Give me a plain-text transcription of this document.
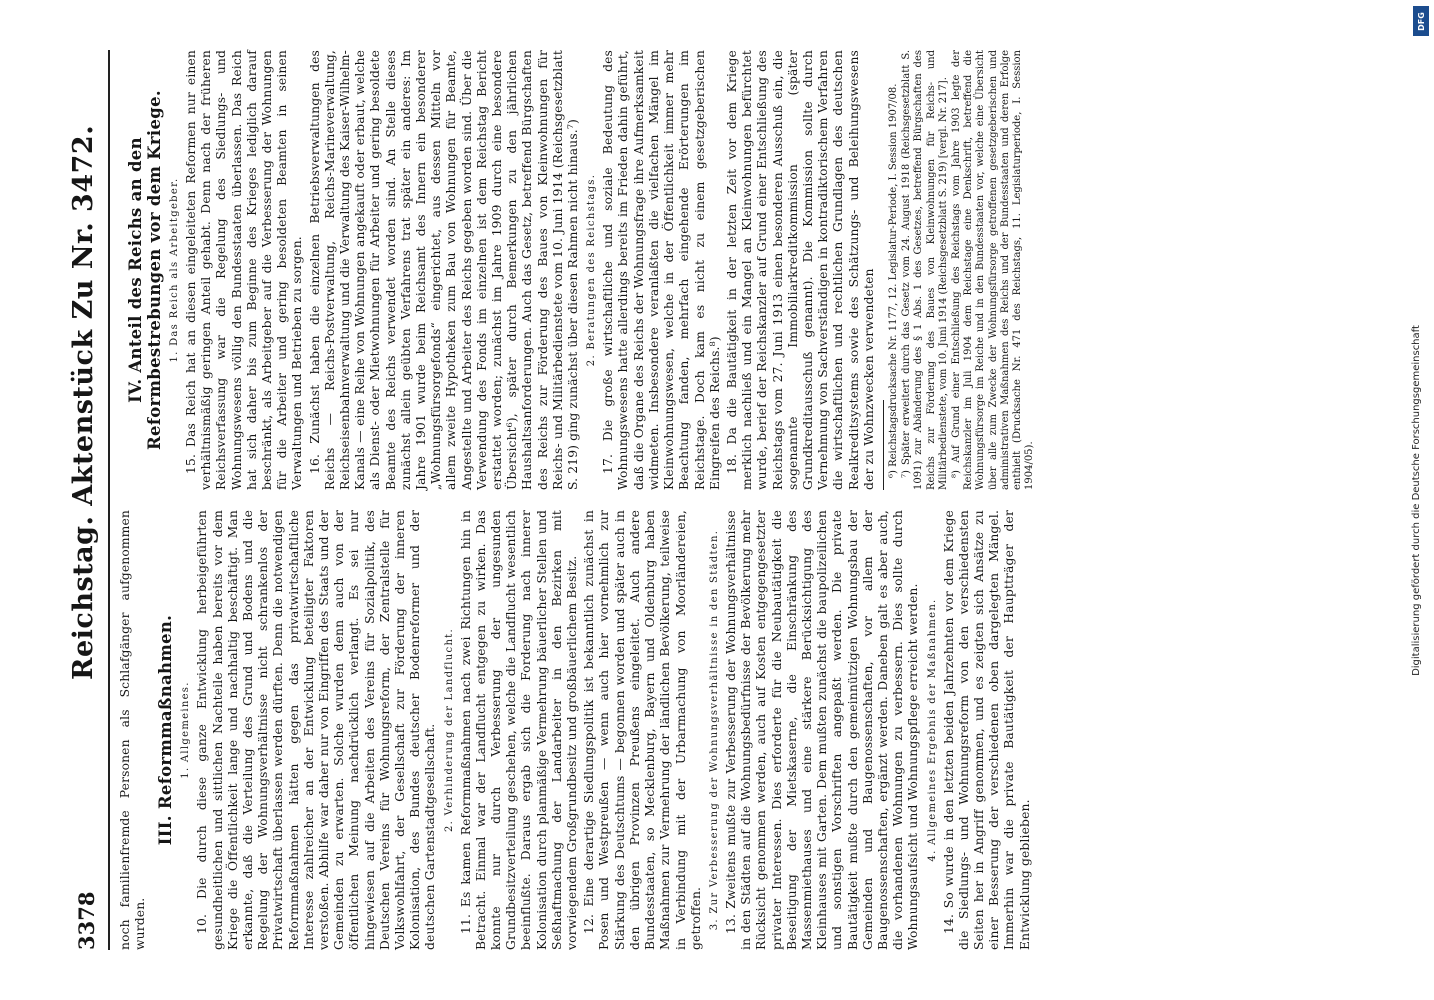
3378
Reichstag. Aktenstück Zu Nr. 3472.

noch familienfremde Personen als Schlafgänger aufgenommen wurden.

III. Reformmaßnahmen. 1. Allgemeines. 10. Die durch diese ganze Entwicklung herbeigeführten gesundheitlichen und sittlichen Nachteile haben bereits vor dem Kriege die Öffentlichkeit lange und nachhaltig beschäftigt. Man erkannte, daß die Verteilung des Grund und Bodens und die Regelung der Wohnungsverhältnisse nicht schrankenlos der Privatwirtschaft überlassen werden dürften. Denn die notwendigen Reformmaßnahmen hätten gegen das privatwirtschaftliche Interesse zahlreicher an der Entwicklung beteiligter Faktoren verstoßen. Abhilfe war daher nur von Eingriffen des Staats und der Gemeinden zu erwarten. Solche wurden denn auch von der öffentlichen Meinung nachdrücklich verlangt. Es sei nur hingewiesen auf die Arbeiten des Vereins für Sozialpolitik, des Deutschen Vereins für Wohnungsreform, der Zentralstelle für Volkswohlfahrt, der Gesellschaft zur Förderung der inneren Kolonisation, des Bundes deutscher Bodenreformer und der deutschen Gartenstadtgesellschaft. 2. Verhinderung der Landflucht. 11. Es kamen Reformmaßnahmen nach zwei Richtungen hin in Betracht. Einmal war der Landflucht entgegen zu wirken. Das konnte nur durch Verbesserung der ungesunden Grundbesitzverteilung geschehen, welche die Landflucht wesentlich beeinflußte. Daraus ergab sich die Forderung nach innerer Kolonisation durch planmäßige Vermehrung bäuerlicher Stellen und Seßhaftmachung der Landarbeiter in den Bezirken mit vorwiegendem Großgrundbesitz und großbäuerlichem Besitz. 12. Eine derartige Siedlungspolitik ist bekanntlich zunächst in Posen und Westpreußen — wenn auch hier vornehmlich zur Stärkung des Deutschtums — begonnen worden und später auch in den übrigen Provinzen Preußens eingeleitet. Auch andere Bundesstaaten, so Mecklenburg, Bayern und Oldenburg haben Maßnahmen zur Vermehrung der ländlichen Bevölkerung, teilweise in Verbindung mit der Urbarmachung von Moorländereien, getroffen. 3. Zur Verbesserung der Wohnungsverhältnisse in den Städten. 13. Zweitens mußte zur Verbesserung der Wohnungsverhältnisse in den Städten auf die Wohnungsbedürfnisse der Bevölkerung mehr Rücksicht genommen werden, auch auf Kosten entgegengesetzter privater Interessen. Dies erforderte für die Neubautätigkeit die Beseitigung der Mietskaserne, die Einschränkung des Massenmiethauses und eine stärkere Berücksichtigung des Kleinhauses mit Garten. Dem mußten zunächst die baupolizeilichen und sonstigen Vorschriften angepaßt werden. Die private Bautätigkeit mußte durch den gemeinnützigen Wohnungsbau der Gemeinden und Baugenossenschaften, vor allem der Baugenossenschaften, ergänzt werden. Daneben galt es aber auch, die vorhandenen Wohnungen zu verbessern. Dies sollte durch Wohnungsaufsicht und Wohnungspflege erreicht werden. 4. Allgemeines Ergebnis der Maßnahmen. 14. So wurde in den letzten beiden Jahrzehnten vor dem Kriege die Siedlungs- und Wohnungsreform von den verschiedensten Seiten her in Angriff genommen, und es zeigten sich Ansätze zu einer Besserung der verschiedenen oben dargelegten Mängel. Immerhin war die private Bautätigkeit der Hauptträger der Entwicklung geblieben.

IV. Anteil des Reichs an den Reformbestrebungen vor dem Kriege. 1. Das Reich als Arbeitgeber. 15. Das Reich hat an diesen eingeleiteten Reformen nur einen verhältnismäßig geringen Anteil gehabt. Denn nach der früheren Reichsverfassung war die Regelung des Siedlungs- und Wohnungswesens völlig den Bundesstaaten überlassen. Das Reich hat sich daher bis zum Beginne des Krieges lediglich darauf beschränkt, als Arbeitgeber auf die Verbesserung der Wohnungen für die Arbeiter und gering besoldeten Beamten in seinen Verwaltungen und Betrieben zu sorgen. 16. Zunächst haben die einzelnen Betriebsverwaltungen des Reichs — Reichs-Postverwaltung, Reichs-Marineverwaltung, Reichseisenbahnverwaltung und die Verwaltung des Kaiser-Wilhelm-Kanals — eine Reihe von Wohnungen angekauft oder erbaut, welche als Dienst- oder Mietwohnungen für Arbeiter und gering besoldete Beamte des Reichs verwendet worden sind. An Stelle dieses zunächst allein geübten Verfahrens trat später ein anderes: Im Jahre 1901 wurde beim Reichsamt des Innern ein besonderer „Wohnungsfürsorgefonds“ eingerichtet, aus dessen Mitteln vor allem zweite Hypotheken zum Bau von Wohnungen für Beamte, Angestellte und Arbeiter des Reichs gegeben worden sind. Über die Verwendung des Fonds im einzelnen ist dem Reichstag Bericht erstattet worden; zunächst im Jahre 1909 durch eine besondere Übersicht⁶), später durch Bemerkungen zu den jährlichen Haushaltsanforderungen. Auch das Gesetz, betreffend Bürgschaften des Reichs zur Förderung des Baues von Kleinwohnungen für Reichs- und Militärbedienstete vom 10. Juni 1914 (Reichsgesetzblatt S. 219) ging zunächst über diesen Rahmen nicht hinaus.⁷) 2. Beratungen des Reichstags. 17. Die große wirtschaftliche und soziale Bedeutung des Wohnungswesens hatte allerdings bereits im Frieden dahin geführt, daß die Organe des Reichs der Wohnungsfrage ihre Aufmerksamkeit widmeten. Insbesondere veranlaßten die vielfachen Mängel im Kleinwohnungswesen, welche in der Öffentlichkeit immer mehr Beachtung fanden, mehrfach eingehende Erörterungen im Reichstage. Doch kam es nicht zu einem gesetzgeberischen Eingreifen des Reichs.⁸) 18. Da die Bautätigkeit in der letzten Zeit vor dem Kriege merklich nachließ und ein Mangel an Kleinwohnungen befürchtet wurde, berief der Reichskanzler auf Grund einer Entschließung des Reichstags vom 27. Juni 1913 einen besonderen Ausschuß ein, die sogenannte Immobiliarkreditkommission (später Grundkreditausschuß genannt). Die Kommission sollte durch Vernehmung von Sachverständigen in kontradiktorischem Verfahren die wirtschaftlichen und rechtlichen Grundlagen des deutschen Realkreditsystems sowie des Schätzungs- und Beleihungswesens der zu Wohnzwecken verwendeten ⁶) Reichstagsdrucksache Nr. 1177, 12. Legislatur-Periode, I. Session 1907/08. ⁷) Später erweitert durch das Gesetz vom 24. August 1918 (Reichsgesetzblatt S. 1091) zur Abänderung des § 1 Abs. 1 des Gesetzes, betreffend Bürgschaften des Reichs zur Förderung des Baues von Kleinwohnungen für Reichs- und Militärbedienstete, vom 10. Juni 1914 (Reichsgesetzblatt S. 219) [vergl. Nr. 217]. ⁸) Auf Grund einer Entschließung des Reichstags vom Jahre 1903 legte der Reichskanzler im Juli 1904 dem Reichstage eine Denkschrift, betreffend die Wohnungsfürsorge im Reiche und in den Bundesstaaten vor, welche eine Übersicht über alle zum Zwecke der Wohnungsfürsorge getroffenen gesetzgeberischen und administrativen Maßnahmen des Reichs und der Bundesstaaten und deren Erfolge enthielt (Drucksache Nr. 471 des Reichstags, 11. Legislaturperiode, I. Session 1904/05).

DFG
Digitalisierung gefördert durch die Deutsche Forschungsgemeinschaft
